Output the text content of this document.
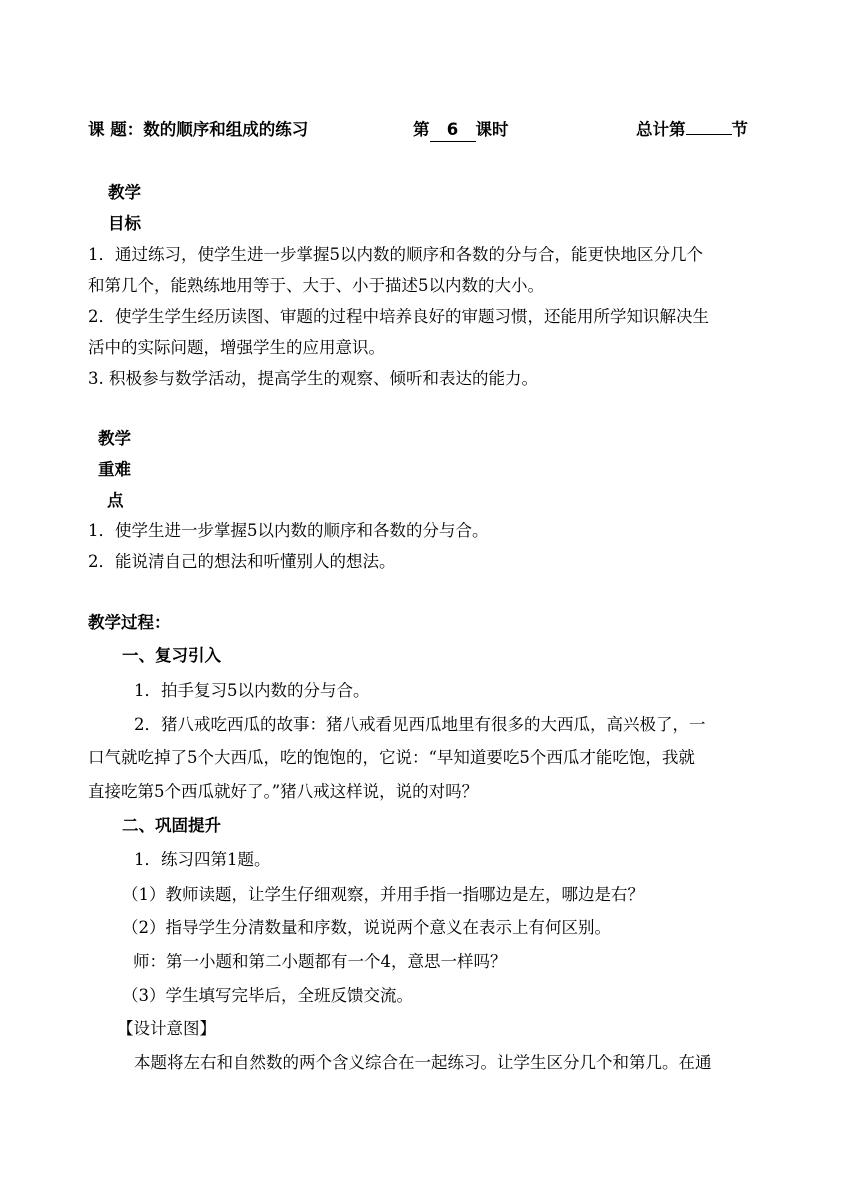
课 题：数的顺序和组成的练习	第 6 课时	总计第	节
教学
目标
1．通过练习，使学生进一步掌握5以内数的顺序和各数的分与合，能更快地区分几个
和第几个，能熟练地用等于、大于、小于描述5以内数的大小。
2．使学生学生经历读图、审题的过程中培养良好的审题习惯，还能用所学知识解决生
活中的实际问题，增强学生的应用意识。
3. 积极参与数学活动，提高学生的观察、倾听和表达的能力。
教学
重难
点
1．使学生进一步掌握5以内数的顺序和各数的分与合。
2．能说清自己的想法和听懂别人的想法。
教学过程：
一、复习引入
1．拍手复习5以内数的分与合。
2．猪八戒吃西瓜的故事：猪八戒看见西瓜地里有很多的大西瓜，高兴极了，一
口气就吃掉了5个大西瓜，吃的饱饱的，它说：“早知道要吃5个西瓜才能吃饱，我就
直接吃第5个西瓜就好了。”猪八戒这样说，说的对吗？
二、巩固提升
1．练习四第1题。
（1）教师读题，让学生仔细观察，并用手指一指哪边是左，哪边是右？
（2）指导学生分清数量和序数，说说两个意义在表示上有何区别。
师：第一小题和第二小题都有一个4，意思一样吗？
（3）学生填写完毕后，全班反馈交流。
【设计意图】
本题将左右和自然数的两个含义综合在一起练习。让学生区分几个和第几。在通
